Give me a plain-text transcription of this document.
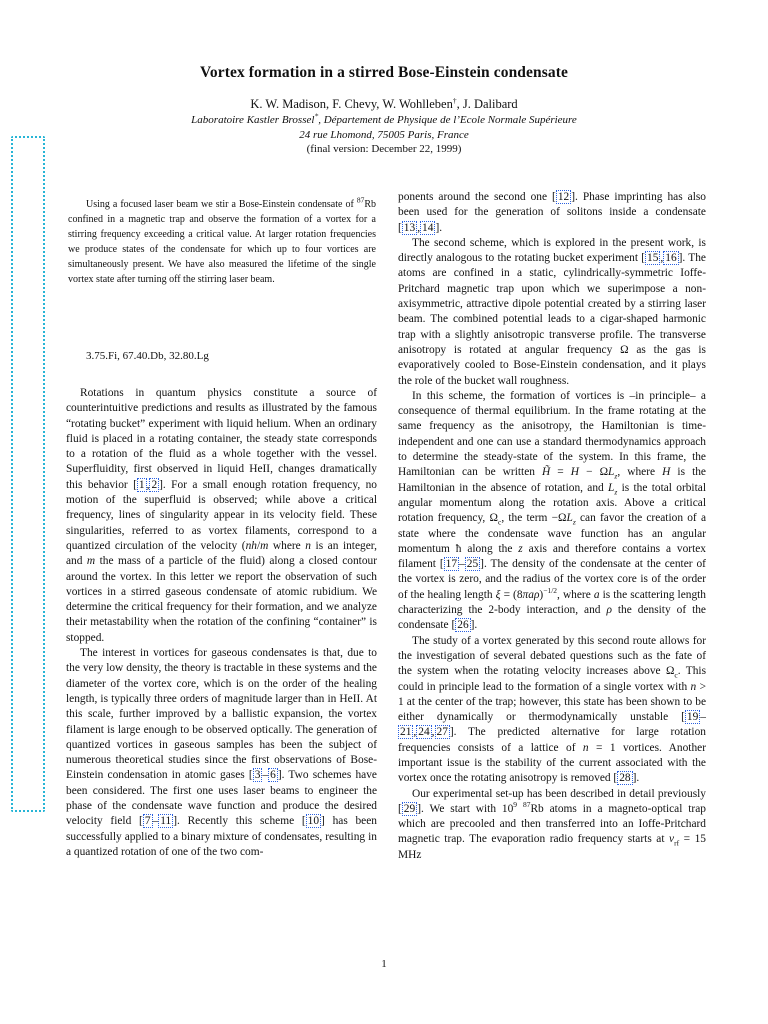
Vortex formation in a stirred Bose-Einstein condensate
K. W. Madison, F. Chevy, W. Wohlleben†, J. Dalibard
Laboratoire Kastler Brossel*, Département de Physique de l’Ecole Normale Supérieure
24 rue Lhomond, 75005 Paris, France
(final version: December 22, 1999)
Using a focused laser beam we stir a Bose-Einstein condensate of $^{87}$Rb confined in a magnetic trap and observe the formation of a vortex for a stirring frequency exceeding a critical value. At larger rotation frequencies we produce states of the condensate for which up to four vortices are simultaneously present. We have also measured the lifetime of the single vortex state after turning off the stirring laser beam.
3.75.Fi, 67.40.Db, 32.80.Lg

Rotations in quantum physics constitute a source of counterintuitive predictions and results as illustrated by the famous “rotating bucket” experiment with liquid helium. When an ordinary fluid is placed in a rotating container, the steady state corresponds to a rotation of the fluid as a whole together with the vessel. Superfluidity, first observed in liquid HeII, changes dramatically this behavior [ 1 , 2 ]. For a small enough rotation frequency, no motion of the superfluid is observed; while above a critical frequency, lines of singularity appear in its velocity field. These singularities, referred to as vortex filaments, correspond to a quantized circulation of the velocity (nh/m where n is an integer, and m the mass of a particle of the fluid) along a closed contour around the vortex. In this letter we report the observation of such vortices in a stirred gaseous condensate of atomic rubidium. We determine the critical frequency for their formation, and we analyze their metastability when the rotation of the confining “container” is stopped.

The interest in vortices for gaseous condensates is that, due to the very low density, the theory is tractable in these systems and the diameter of the vortex core, which is on the order of the healing length, is typically three orders of magnitude larger than in HeII. At this scale, further improved by a ballistic expansion, the vortex filament is large enough to be observed optically. The generation of quantized vortices in gaseous samples has been the subject of numerous theoretical studies since the first observations of Bose-Einstein condensation in atomic gases [ 3 – 6 ]. Two schemes have been considered. The first one uses laser beams to engineer the phase of the condensate wave function and produce the desired velocity field [ 7 – 11 ]. Recently this scheme [ 10 ] has been successfully applied to a binary mixture of condensates, resulting in a quantized rotation of one of the two com-

ponents around the second one [ 12 ]. Phase imprinting has also been used for the generation of solitons inside a condensate [ 13 , 14 ].

The second scheme, which is explored in the present work, is directly analogous to the rotating bucket experiment [ 15 , 16 ]. The atoms are confined in a static, cylindrically-symmetric Ioffe-Pritchard magnetic trap upon which we superimpose a non-axisymmetric, attractive dipole potential created by a stirring laser beam. The combined potential leads to a cigar-shaped harmonic trap with a slightly anisotropic transverse profile. The transverse anisotropy is rotated at angular frequency Ω as the gas is evaporatively cooled to Bose-Einstein condensation, and it plays the role of the bucket wall roughness.

In this scheme, the formation of vortices is –in principle– a consequence of thermal equilibrium. In the frame rotating at the same frequency as the anisotropy, the Hamiltonian is time-independent and one can use a standard thermodynamics approach to determine the steady-state of the system. In this frame, the Hamiltonian can be written H̃ = $H - \Omega L_z$, where H is the Hamiltonian in the absence of rotation, and $L_z$ is the total orbital angular momentum along the rotation axis. Above a critical rotation frequency, $\Omega_c$, the term $-\Omega L_z$ can favor the creation of a state where the condensate wave function has an angular momentum ħ along the z axis and therefore contains a vortex filament [ 17 – 25 ]. The density of the condensate at the center of the vortex is zero, and the radius of the vortex core is of the order of the healing length $\xi = (8\pi a\rho)^{-1/2}$, where a is the scattering length characterizing the 2-body interaction, and ρ the density of the condensate [ 26 ].

The study of a vortex generated by this second route allows for the investigation of several debated questions such as the fate of the system when the rotating velocity increases above $\Omega_c$. This could in principle lead to the formation of a single vortex with n > 1 at the center of the trap; however, this state has been shown to be either dynamically or thermodynamically unstable [ 19 –21 , 24 , 27 ]. The predicted alternative for large rotation frequencies consists of a lattice of n = 1 vortices. Another important issue is the stability of the current associated with the vortex once the rotating anisotropy is removed [ 28 ].

Our experimental set-up has been described in detail previously [ 29 ]. We start with $10^9$ $^{87}$Rb atoms in a magneto-optical trap which are precooled and then transferred into an Ioffe-Pritchard magnetic trap. The evaporation radio frequency starts at $\nu_{rf} = 15$ MHz

1
